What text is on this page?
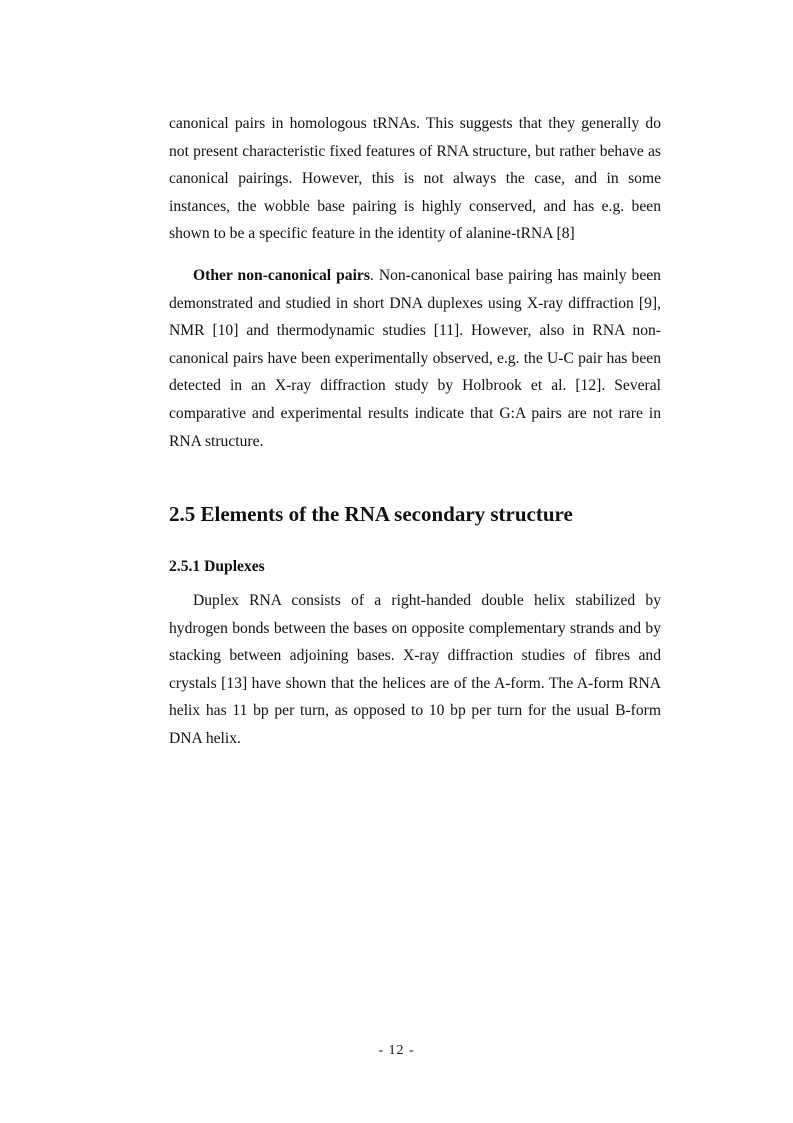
canonical pairs in homologous tRNAs. This suggests that they generally do not present characteristic fixed features of RNA structure, but rather behave as canonical pairings. However, this is not always the case, and in some instances, the wobble base pairing is highly conserved, and has e.g. been shown to be a specific feature in the identity of alanine-tRNA [8]

Other non-canonical pairs. Non-canonical base pairing has mainly been demonstrated and studied in short DNA duplexes using X-ray diffraction [9], NMR [10] and thermodynamic studies [11]. However, also in RNA non-canonical pairs have been experimentally observed, e.g. the U-C pair has been detected in an X-ray diffraction study by Holbrook et al. [12]. Several comparative and experimental results indicate that G:A pairs are not rare in RNA structure.

2.5 Elements of the RNA secondary structure
2.5.1 Duplexes

Duplex RNA consists of a right-handed double helix stabilized by hydrogen bonds between the bases on opposite complementary strands and by stacking between adjoining bases. X-ray diffraction studies of fibres and crystals [13] have shown that the helices are of the A-form. The A-form RNA helix has 11 bp per turn, as opposed to 10 bp per turn for the usual B-form DNA helix.

- 12 -
